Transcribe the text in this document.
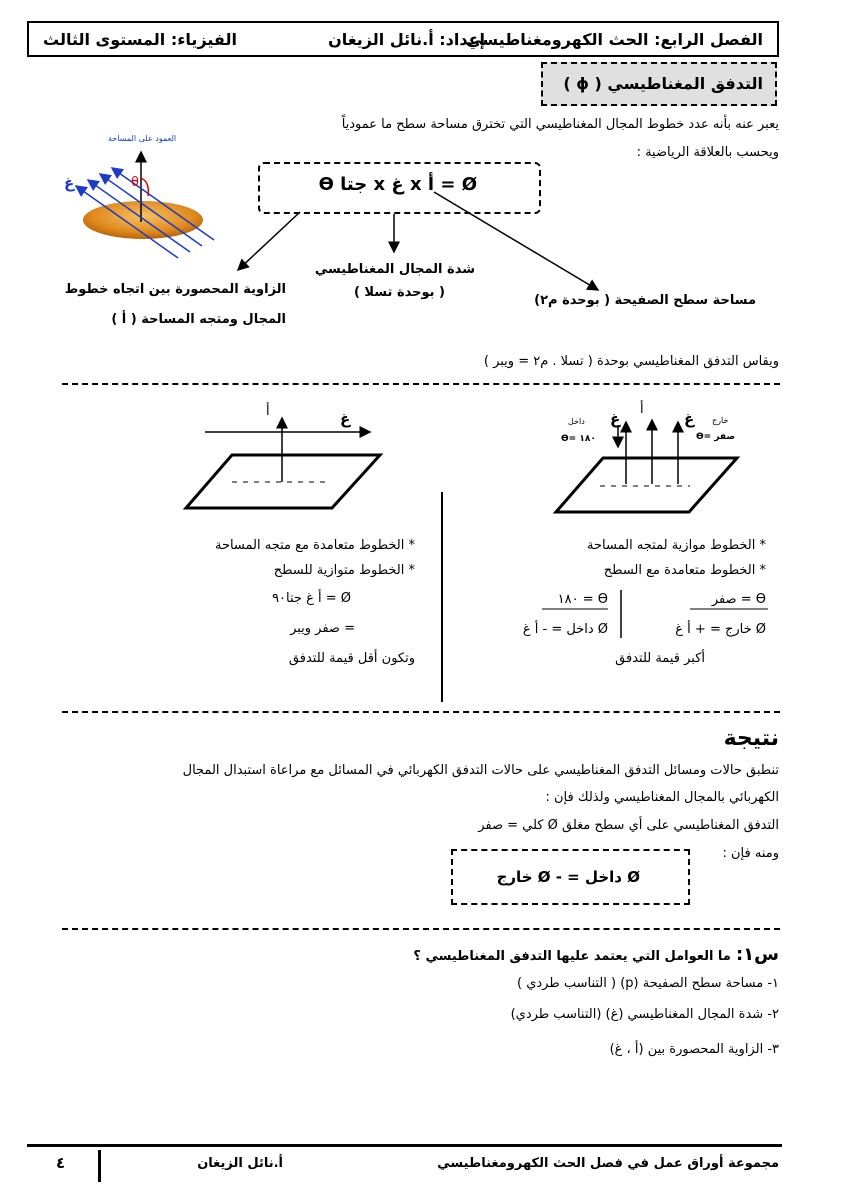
الفصل الرابع: الحث الكهرومغناطيسي
إعداد: أ.نائل الزيغان
الفيزياء: المستوى الثالث
التدفق المغناطيسي ( ϕ )
يعبر عنه بأنه عدد خطوط المجال المغناطيسي التي تخترق مساحة سطح ما عمودياً
ويحسب بالعلاقة الرياضية :
العمود على المساحة
غ	θ	Ø = أ x غ x جتا ϴ
الزاوية المحصورة بين اتجاه خطوط
المجال ومتجه المساحة ( أ )
شدة المجال المغناطيسي
( بوحدة تسلا )
مساحة سطح الصفيحة ( بوحدة م٢)
ويقاس التدفق المغناطيسي بوحدة ( تسلا . م٢ = ويبر )
أ	غ	داخل
ϴ= ١٨٠
غ
أ
غ خارج
ϴ= صفر
* الخطوط متعامدة مع متجه المساحة
* الخطوط متوازية للسطح
Ø = أ غ جتا٩٠
= صفر ويبر
وتكون أقل قيمة للتدفق
* الخطوط موازية لمتجه المساحة
* الخطوط متعامدة مع السطح
ϴ = صفر
ϴ = ١٨٠
Ø خارج = + أ غ
Ø داخل = - أ غ
أكبر قيمة للتدفق
نتيجة
تنطبق حالات ومسائل التدفق المغناطيسي على حالات التدفق الكهربائي في المسائل مع مراعاة استبدال المجال
الكهربائي بالمجال المغناطيسي ولذلك فإن :
التدفق المغناطيسي على أي سطح مغلق Ø كلي = صفر
ومنه فإن :
Ø داخل = - Ø خارج
س١: ما العوامل التي يعتمد عليها التدفق المغناطيسي ؟
١- مساحة سطح الصفيحة (p) ( التناسب طردي )
٢- شدة المجال المغناطيسي (غ) (التناسب طردي)
٣- الزاوية المحصورة بين (أ ، غ)
مجموعة أوراق عمل في فصل الحث الكهرومغناطيسي
أ.نائل الزيغان
٤
